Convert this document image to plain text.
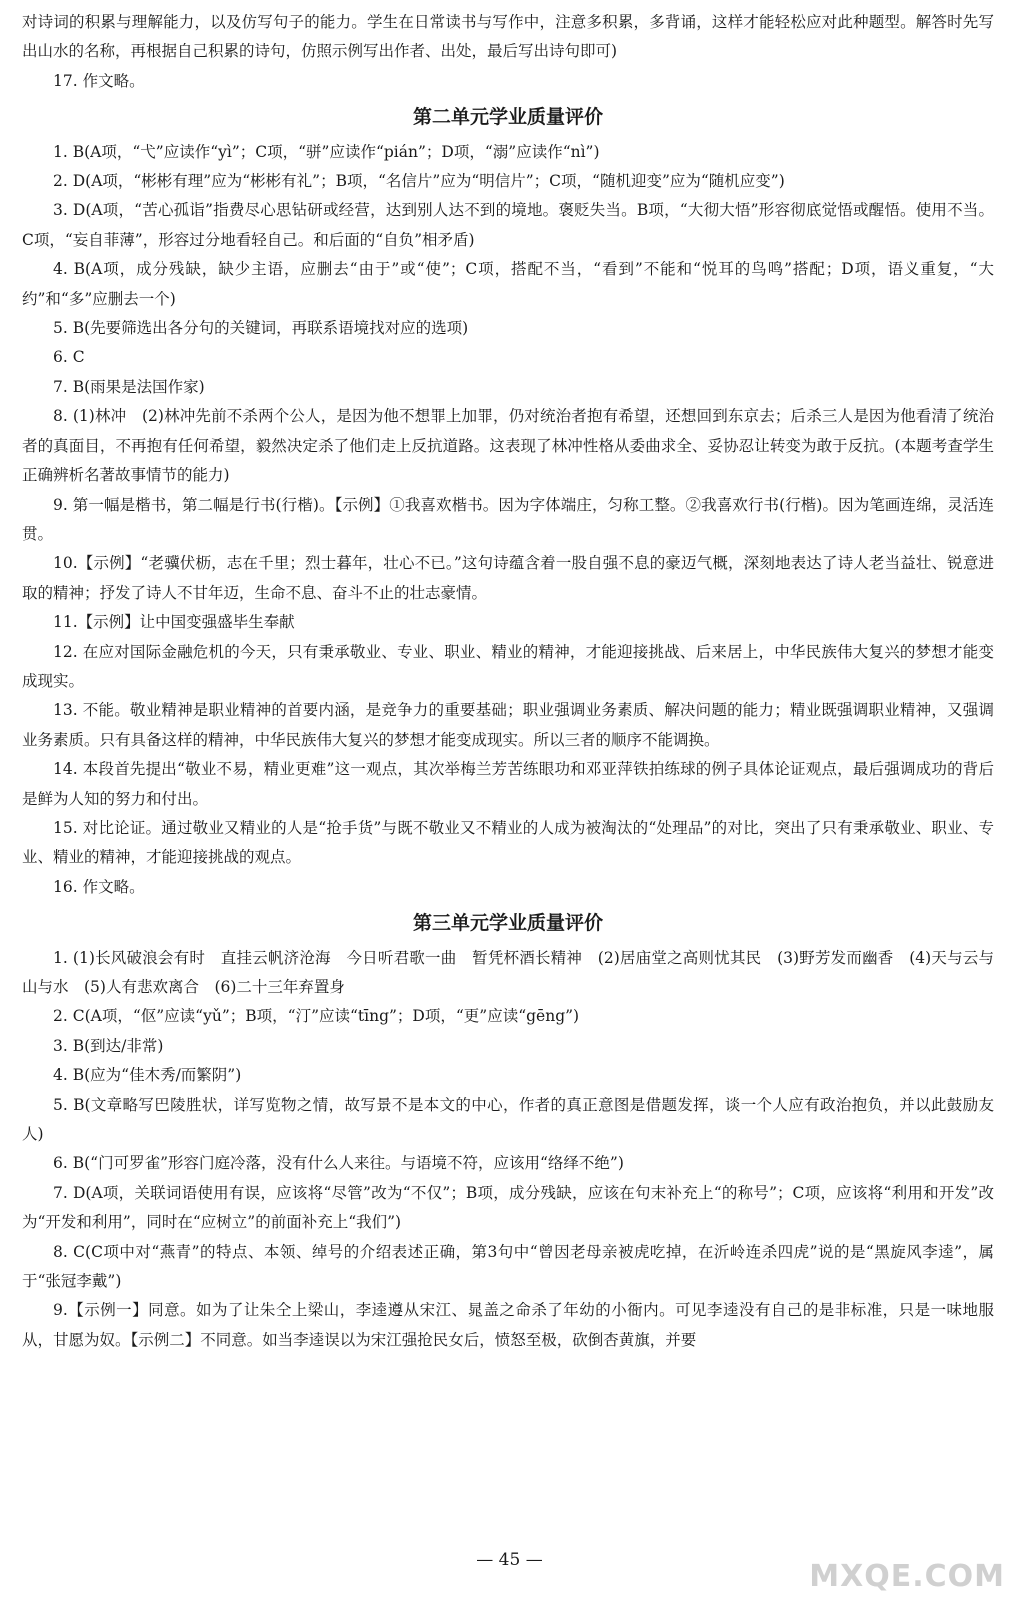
对诗词的积累与理解能力，以及仿写句子的能力。学生在日常读书与写作中，注意多积累，多背诵，这样才能轻松应对此种题型。解答时先写出山水的名称，再根据自己积累的诗句，仿照示例写出作者、出处，最后写出诗句即可)

17. 作文略。

第二单元学业质量评价

1. B(A项，“弋”应读作“yì”；C项，“骈”应读作“pián”；D项，“溺”应读作“nì”)

2. D(A项，“彬彬有理”应为“彬彬有礼”；B项，“名信片”应为“明信片”；C项，“随机迎变”应为“随机应变”)

3. D(A项，“苦心孤诣”指费尽心思钻研或经营，达到别人达不到的境地。褒贬失当。B项，“大彻大悟”形容彻底觉悟或醒悟。使用不当。C项，“妄自菲薄”，形容过分地看轻自己。和后面的“自负”相矛盾)

4. B(A项，成分残缺，缺少主语，应删去“由于”或“使”；C项，搭配不当，“看到”不能和“悦耳的鸟鸣”搭配；D项，语义重复，“大约”和“多”应删去一个)

5. B(先要筛选出各分句的关键词，再联系语境找对应的选项)

6. C

7. B(雨果是法国作家)

8. (1)林冲　(2)林冲先前不杀两个公人，是因为他不想罪上加罪，仍对统治者抱有希望，还想回到东京去；后杀三人是因为他看清了统治者的真面目，不再抱有任何希望，毅然决定杀了他们走上反抗道路。这表现了林冲性格从委曲求全、妥协忍让转变为敢于反抗。(本题考查学生正确辨析名著故事情节的能力)

9. 第一幅是楷书，第二幅是行书(行楷)。【示例】①我喜欢楷书。因为字体端庄，匀称工整。②我喜欢行书(行楷)。因为笔画连绵，灵活连贯。

10.【示例】“老骥伏枥，志在千里；烈士暮年，壮心不已。”这句诗蕴含着一股自强不息的豪迈气概，深刻地表达了诗人老当益壮、锐意进取的精神；抒发了诗人不甘年迈，生命不息、奋斗不止的壮志豪情。

11.【示例】让中国变强盛毕生奉献

12. 在应对国际金融危机的今天，只有秉承敬业、专业、职业、精业的精神，才能迎接挑战、后来居上，中华民族伟大复兴的梦想才能变成现实。

13. 不能。敬业精神是职业精神的首要内涵，是竞争力的重要基础；职业强调业务素质、解决问题的能力；精业既强调职业精神，又强调业务素质。只有具备这样的精神，中华民族伟大复兴的梦想才能变成现实。所以三者的顺序不能调换。

14. 本段首先提出“敬业不易，精业更难”这一观点，其次举梅兰芳苦练眼功和邓亚萍铁拍练球的例子具体论证观点，最后强调成功的背后是鲜为人知的努力和付出。

15. 对比论证。通过敬业又精业的人是“抢手货”与既不敬业又不精业的人成为被淘汰的“处理品”的对比，突出了只有秉承敬业、职业、专业、精业的精神，才能迎接挑战的观点。

16. 作文略。

第三单元学业质量评价

1. (1)长风破浪会有时　直挂云帆济沧海　今日听君歌一曲　暂凭杯酒长精神　(2)居庙堂之高则忧其民　(3)野芳发而幽香　(4)天与云与山与水　(5)人有悲欢离合　(6)二十三年弃置身

2. C(A项，“伛”应读“yǔ”；B项，“汀”应读“tīng”；D项，“更”应读“gēng”)

3. B(到达/非常)

4. B(应为“佳木秀/而繁阴”)

5. B(文章略写巴陵胜状，详写览物之情，故写景不是本文的中心，作者的真正意图是借题发挥，谈一个人应有政治抱负，并以此鼓励友人)

6. B(“门可罗雀”形容门庭冷落，没有什么人来往。与语境不符，应该用“络绎不绝”)

7. D(A项，关联词语使用有误，应该将“尽管”改为“不仅”；B项，成分残缺，应该在句末补充上“的称号”；C项，应该将“利用和开发”改为“开发和利用”，同时在“应树立”的前面补充上“我们”)

8. C(C项中对“燕青”的特点、本领、绰号的介绍表述正确，第3句中“曾因老母亲被虎吃掉，在沂岭连杀四虎”说的是“黑旋风李逵”，属于“张冠李戴”)

9.【示例一】同意。如为了让朱仝上梁山，李逵遵从宋江、晁盖之命杀了年幼的小衙内。可见李逵没有自己的是非标准，只是一味地服从，甘愿为奴。【示例二】不同意。如当李逵误以为宋江强抢民女后，愤怒至极，砍倒杏黄旗，并要

— 45 —	MXQE.COM
